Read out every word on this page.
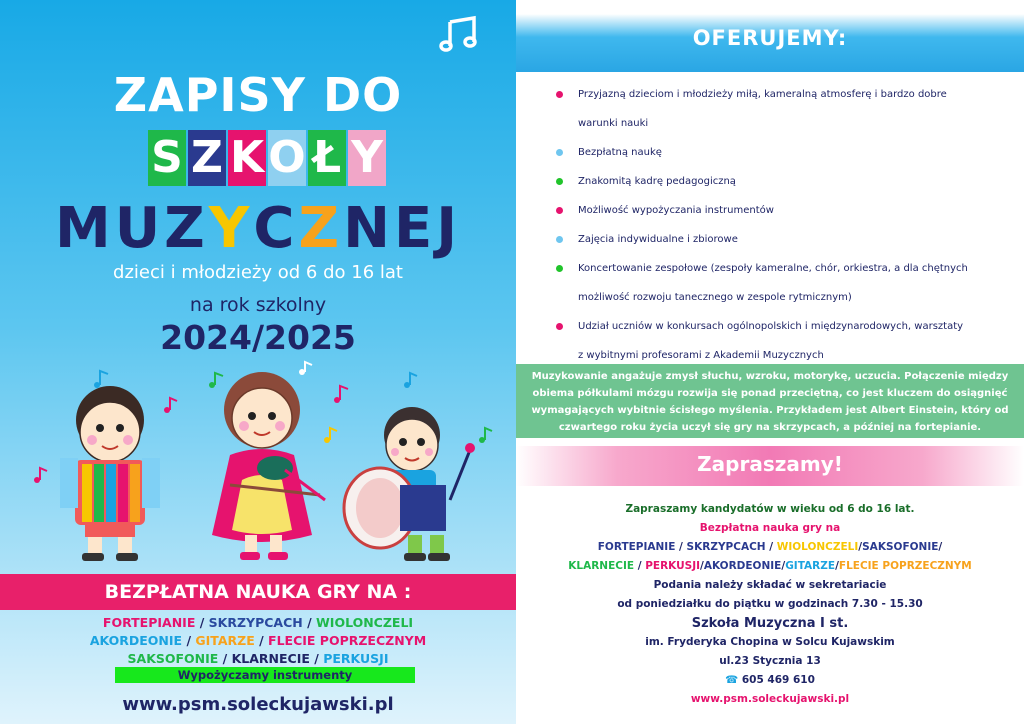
ZAPISY DO
S Z K O Ł Y
MUZYCZNEJ
dzieci i młodzieży od 6 do 16 lat
na rok szkolny
2024/2025
BEZPŁATNA NAUKA GRY NA :
FORTEPIANIE / SKRZYPCACH / WIOLONCZELI
AKORDEONIE / GITARZE / FLECIE POPRZECZNYM
SAKSOFONIE / KLARNECIE / PERKUSJI
Wypożyczamy instrumenty
www.psm.soleckujawski.pl
OFERUJEMY:
Przyjazną dzieciom i młodzieży miłą, kameralną atmosferę i bardzo dobre
warunki nauki
Bezpłatną naukę
Znakomitą kadrę pedagogiczną
Możliwość wypożyczania instrumentów
Zajęcia indywidualne i zbiorowe
Koncertowanie zespołowe (zespoły kameralne, chór, orkiestra, a dla chętnych
możliwość rozwoju tanecznego w zespole rytmicznym)
Udział uczniów w konkursach ogólnopolskich i międzynarodowych, warsztaty
z wybitnymi profesorami z Akademii Muzycznych
Muzykowanie angażuje zmysł słuchu, wzroku, motorykę, uczucia. Połączenie między obiema półkulami mózgu rozwija się ponad przeciętną, co jest kluczem do osiągnięć wymagających wybitnie ścisłego myślenia. Przykładem jest Albert Einstein, który od czwartego roku życia uczył się gry na skrzypcach, a później na fortepianie.
Zapraszamy!
Zapraszamy kandydatów w wieku od 6 do 16 lat.
Bezpłatna nauka gry na
FORTEPIANIE / SKRZYPCACH / WIOLONCZELI/SAKSOFONIE/
KLARNECIE / PERKUSJI/AKORDEONIE/GITARZE/FLECIE POPRZECZNYM
Podania należy składać w sekretariacie
od poniedziałku do piątku w godzinach 7.30 - 15.30
Szkoła Muzyczna I st.
im. Fryderyka Chopina w Solcu Kujawskim
ul.23 Stycznia 13
☎ 605 469 610
www.psm.soleckujawski.pl
